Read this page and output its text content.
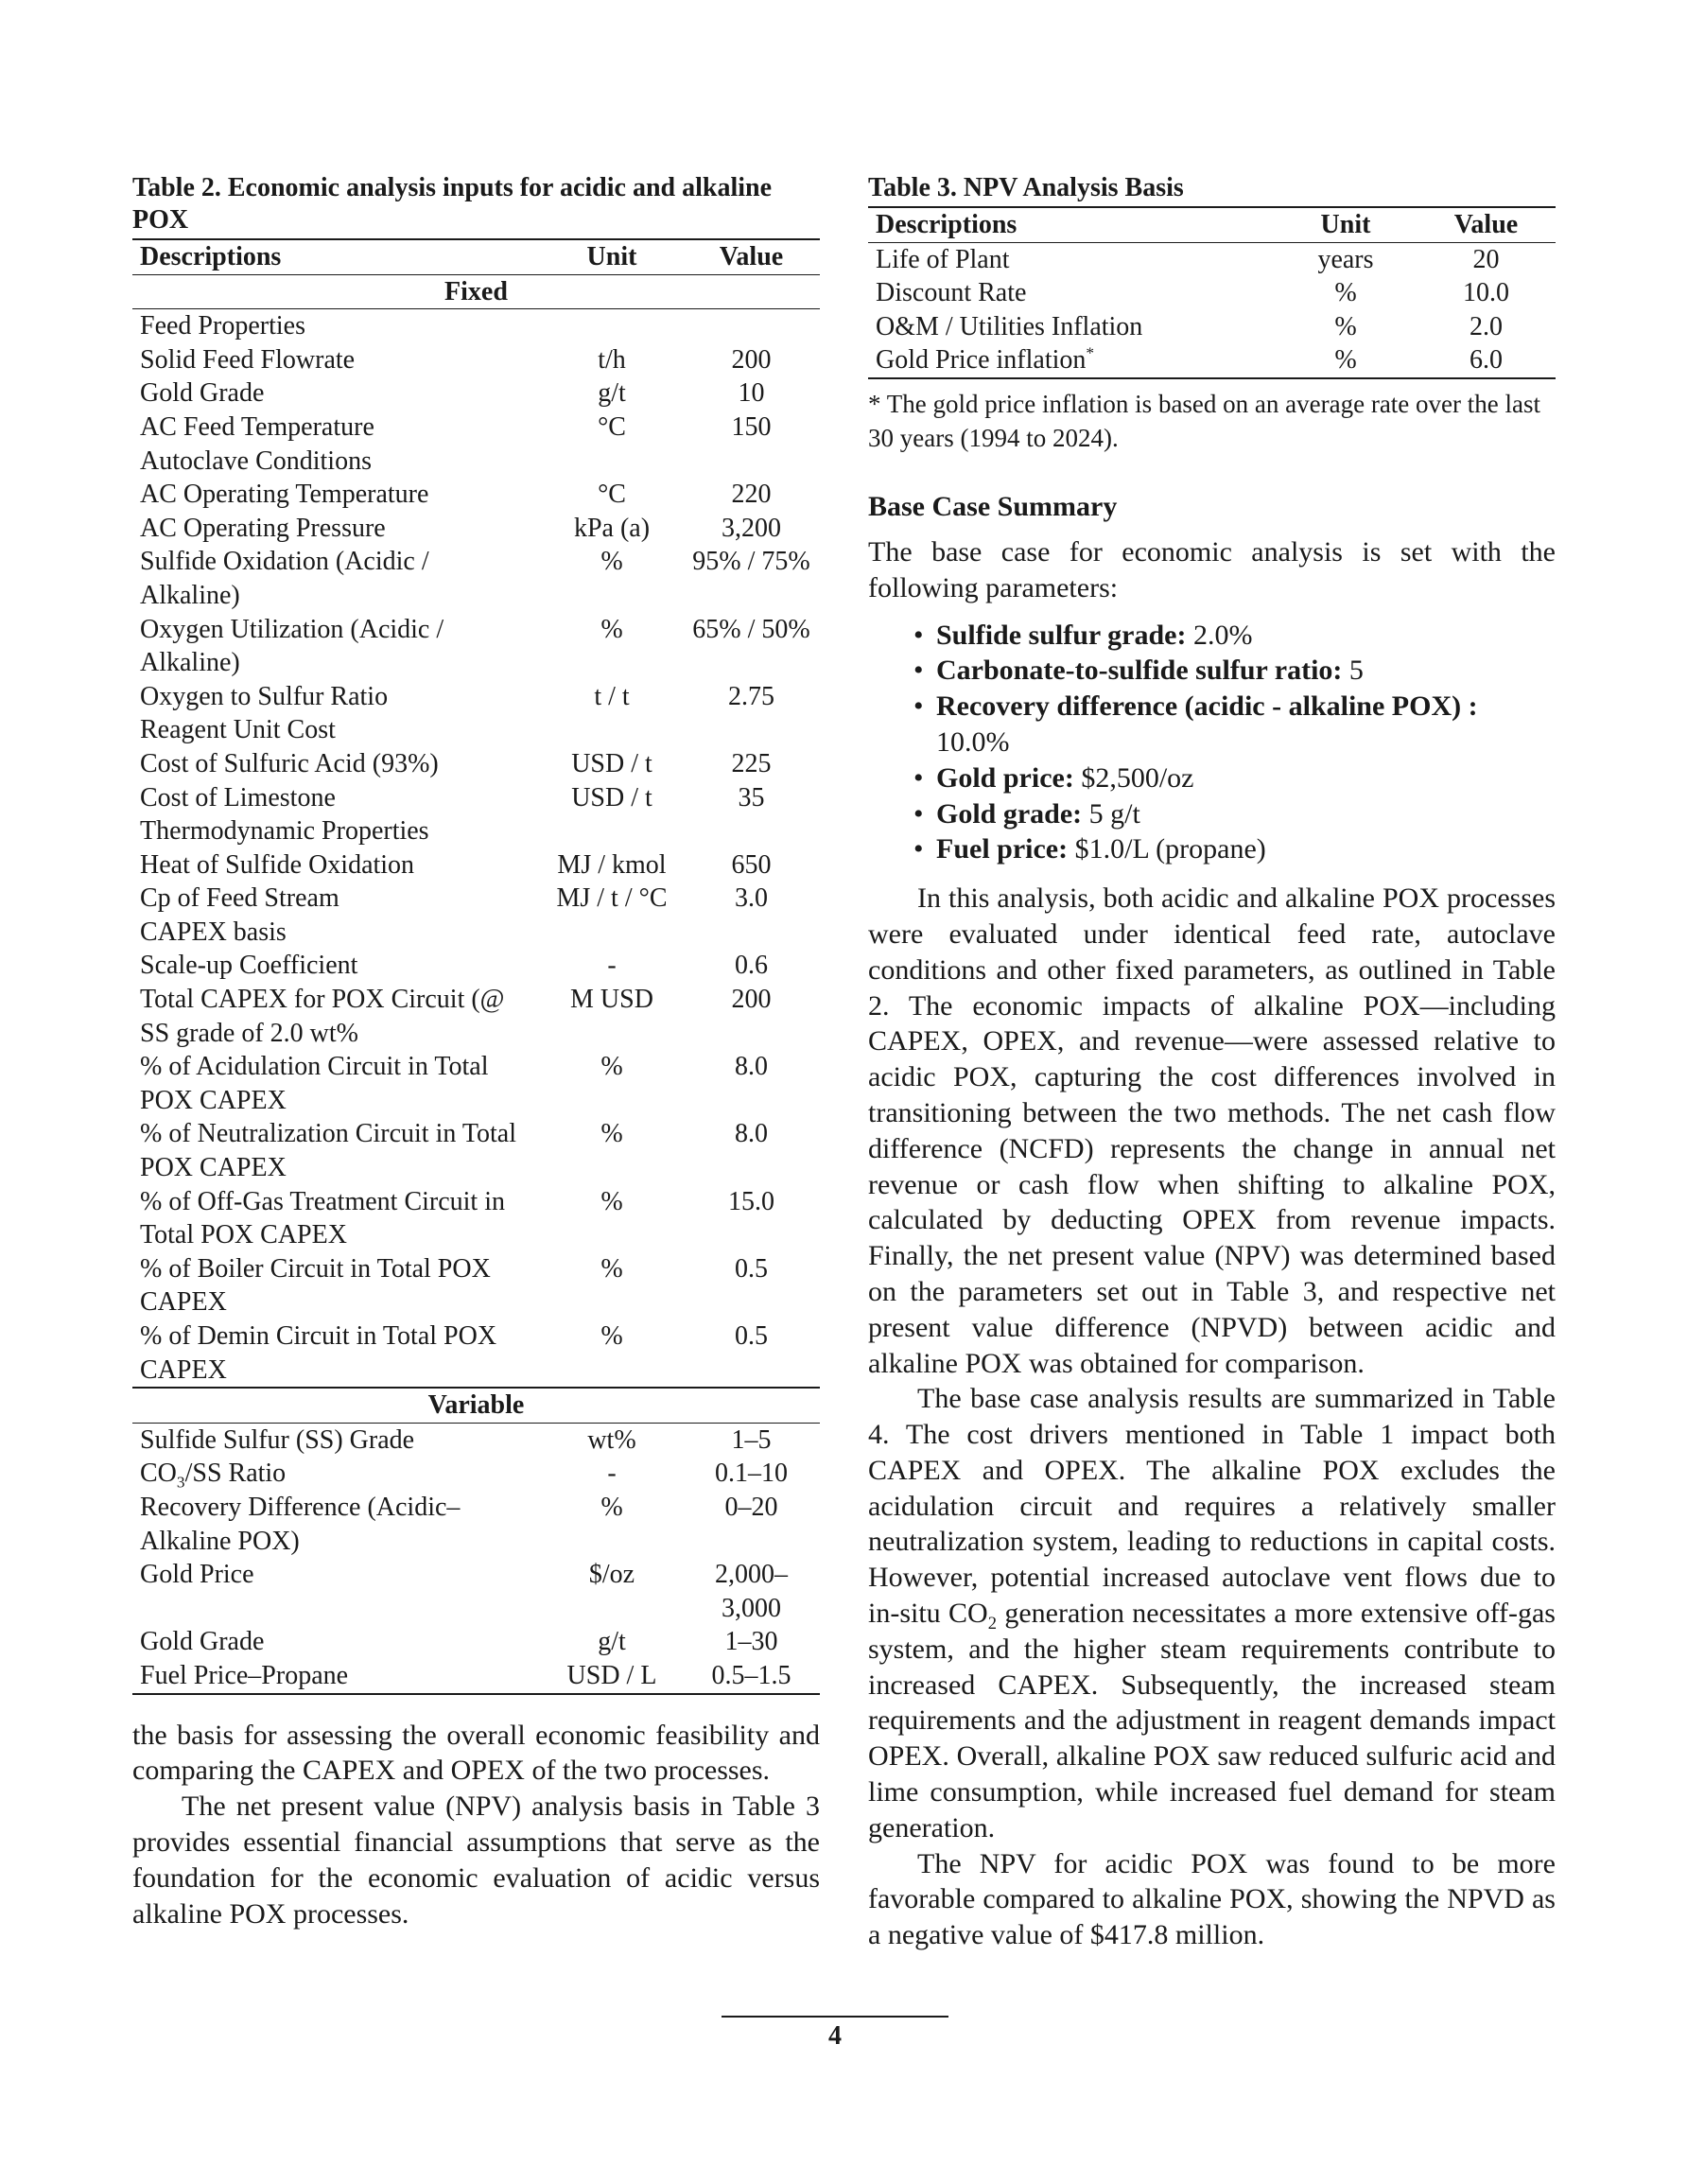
Table 2. Economic analysis inputs for acidic and alkaline POX
Descriptions	Unit	Value
Fixed		
Feed Properties		
Solid Feed Flowrate	t/h	200
Gold Grade	g/t	10
AC Feed Temperature	°C	150
Autoclave Conditions		
AC Operating Temperature	°C	220
AC Operating Pressure	kPa (a)	3,200
Sulfide Oxidation (Acidic / Alkaline)	%	95% / 75%
Oxygen Utilization (Acidic / Alkaline)	%	65% / 50%
Oxygen to Sulfur Ratio	t / t	2.75
Reagent Unit Cost		
Cost of Sulfuric Acid (93%)	USD / t	225
Cost of Limestone	USD / t	35
Thermodynamic Properties		
Heat of Sulfide Oxidation	MJ / kmol	650
Cp of Feed Stream	MJ / t / °C	3.0
CAPEX basis		
Scale-up Coefficient	-	0.6
Total CAPEX for POX Circuit (@ SS grade of 2.0 wt%	M USD	200
% of Acidulation Circuit in Total POX CAPEX	%	8.0
% of Neutralization Circuit in Total POX CAPEX	%	8.0
% of Off-Gas Treatment Circuit in Total POX CAPEX	%	15.0
% of Boiler Circuit in Total POX CAPEX	%	0.5
% of Demin Circuit in Total POX CAPEX	%	0.5
Variable		
Sulfide Sulfur (SS) Grade	wt%	1–5
$CO_3/SS$ Ratio	-	0.1–10
Recovery Difference (Acidic–Alkaline POX)	%	0–20
Gold Price	$/oz	2,000–3,000
Gold Grade	g/t	1–30
Fuel Price–Propane	USD / L	0.5–1.5

the basis for assessing the overall economic feasibility and comparing the CAPEX and OPEX of the two processes.

The net present value (NPV) analysis basis in Table 3 provides essential financial assumptions that serve as the foundation for the economic evaluation of acidic versus alkaline POX processes.

Table 3. NPV Analysis Basis
Descriptions	Unit	Value
Life of Plant	years	20
Discount Rate	%	10.0
O&M / Utilities Inflation	%	2.0
Gold Price inflation*	%	6.0
* The gold price inflation is based on an average rate over the last 30 years (1994 to 2024).
Base Case Summary

The base case for economic analysis is set with the following parameters:

• Sulfide sulfur grade: 2.0%
• Carbonate-to-sulfide sulfur ratio: 5
• Recovery difference (acidic - alkaline POX) : 10.0%
• Gold price: $2,500/oz
• Gold grade: 5 g/t
• Fuel price: $1.0/L (propane)

In this analysis, both acidic and alkaline POX processes were evaluated under identical feed rate, autoclave conditions and other fixed parameters, as outlined in Table 2. The economic impacts of alkaline POX—including CAPEX, OPEX, and revenue—were assessed relative to acidic POX, capturing the cost differences involved in transitioning between the two methods. The net cash flow difference (NCFD) represents the change in annual net revenue or cash flow when shifting to alkaline POX, calculated by deducting OPEX from revenue impacts. Finally, the net present value (NPV) was determined based on the parameters set out in Table 3, and respective net present value difference (NPVD) between acidic and alkaline POX was obtained for comparison.

The base case analysis results are summarized in Table 4. The cost drivers mentioned in Table 1 impact both CAPEX and OPEX. The alkaline POX excludes the acidulation circuit and requires a relatively smaller neutralization system, leading to reductions in capital costs. However, potential increased autoclave vent flows due to in-situ $CO_2$ generation necessitates a more extensive off-gas system, and the higher steam requirements contribute to increased CAPEX. Subsequently, the increased steam requirements and the adjustment in reagent demands impact OPEX. Overall, alkaline POX saw reduced sulfuric acid and lime consumption, while increased fuel demand for steam generation.

The NPV for acidic POX was found to be more favorable compared to alkaline POX, showing the NPVD as a negative value of $417.8 million.

4
